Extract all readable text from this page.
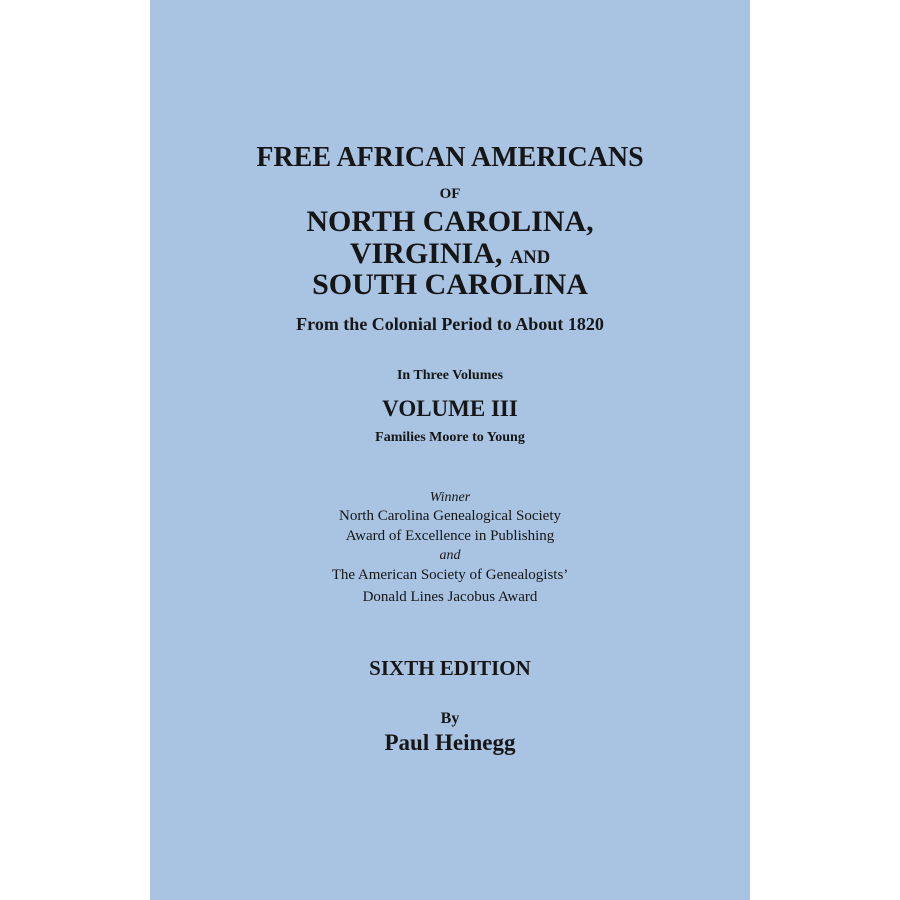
FREE AFRICAN AMERICANS
OF
NORTH CAROLINA,
VIRGINIA, AND
SOUTH CAROLINA
From the Colonial Period to About 1820
In Three Volumes
VOLUME III
Families Moore to Young
Winner
North Carolina Genealogical Society
Award of Excellence in Publishing
and
The American Society of Genealogists’
Donald Lines Jacobus Award
SIXTH EDITION
By
Paul Heinegg
